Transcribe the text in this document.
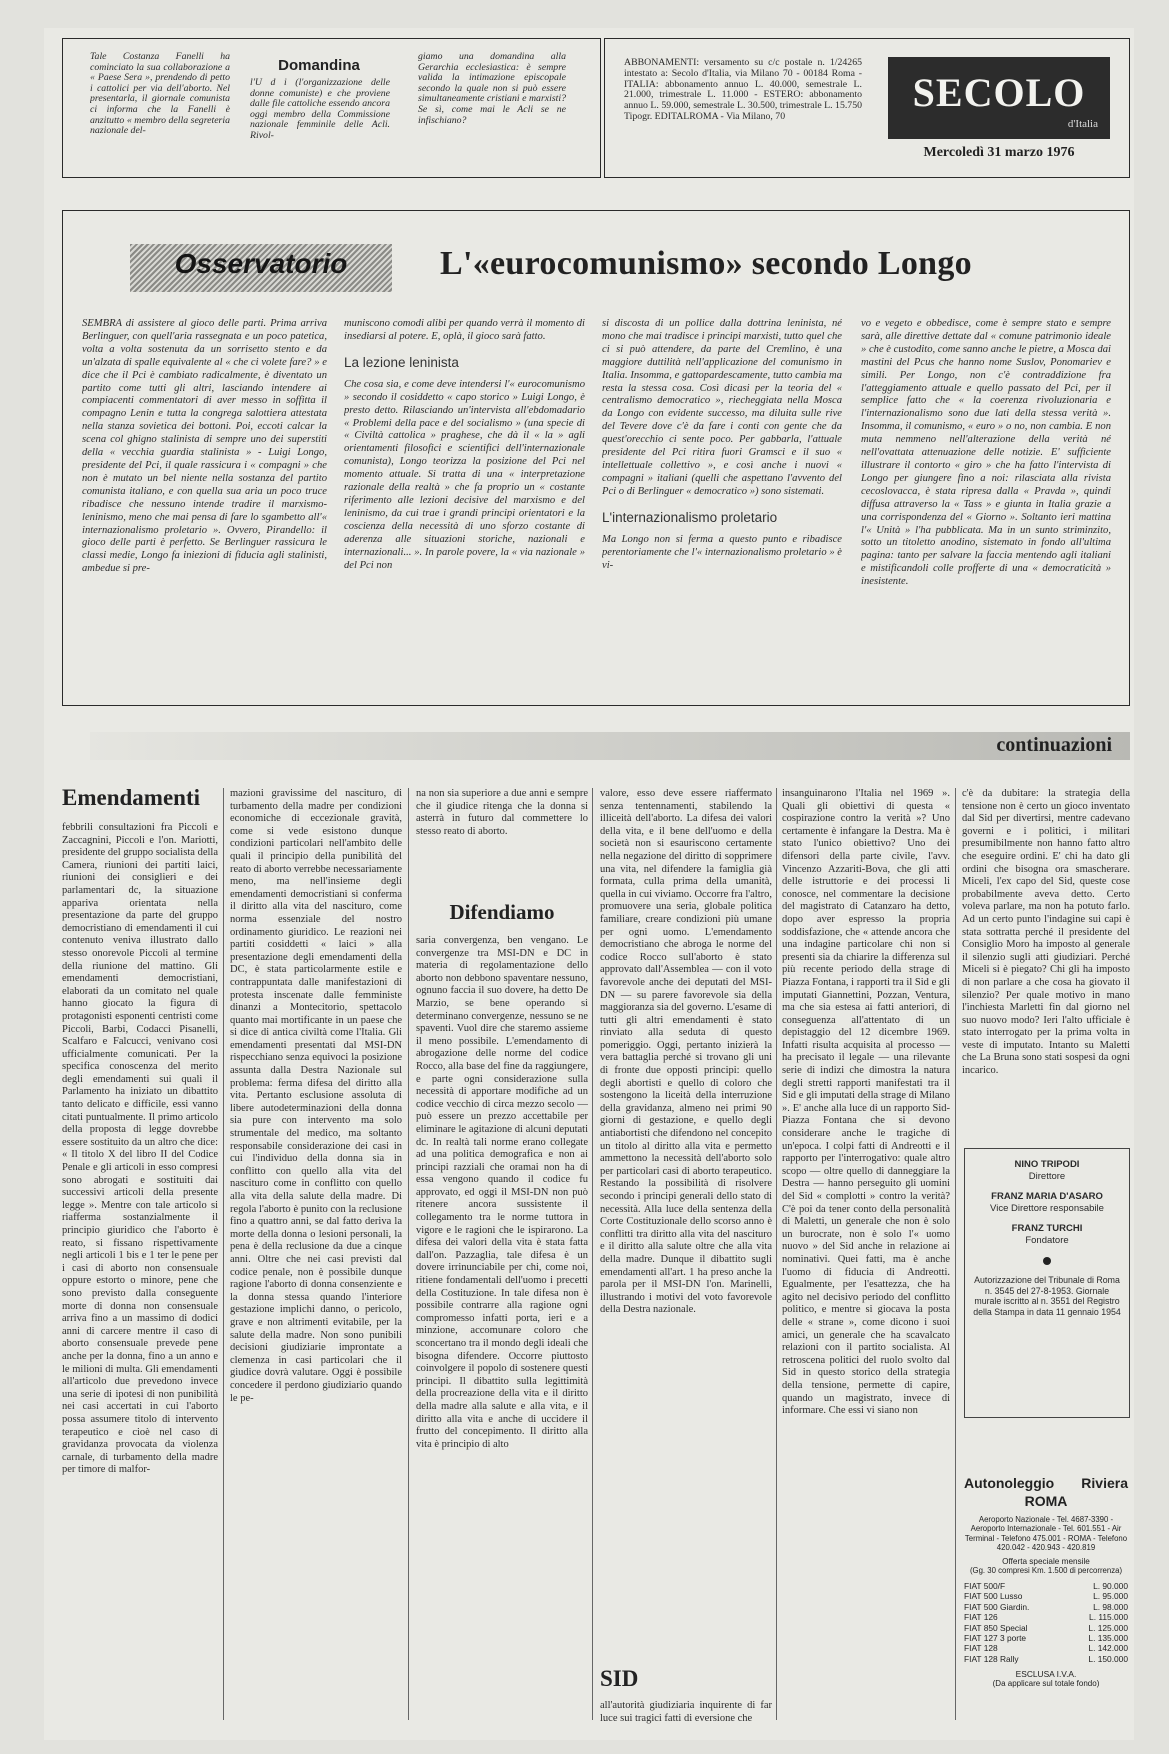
Tale Costanza Fanelli ha cominciato la sua collaborazione a « Paese Sera », prendendo di petto i cattolici per via dell'aborto. Nel presentarla, il giornale comunista ci informa che la Fanelli è anzitutto « membro della segreteria nazionale del-
Domandina
l'U d i (l'organizzazione delle donne comuniste) e che proviene dalle file cattoliche essendo ancora oggi membro della Commissione nazionale femminile delle Acli. Rivol-
giamo una domandina alla Gerarchia ecclesiastica: è sempre valida la intimazione episcopale secondo la quale non si può essere simultaneamente cristiani e marxisti? Se sì, come mai le Acli se ne infischiano?
ABBONAMENTI: versamento su c/c postale n. 1/24265 intestato a: Secolo d'Italia, via Milano 70 - 00184 Roma - ITALIA: abbonamento annuo L. 40.000, semestrale L. 21.000, trimestrale L. 11.000 - ESTERO: abbonamento annuo L. 59.000, semestrale L. 30.500, trimestrale L. 15.750 Tipogr. EDITALROMA - Via Milano, 70
SECOLO
d'Italia
Mercoledì 31 marzo 1976
Osservatorio	L'«eurocomunismo» secondo Longo
SEMBRA di assistere al gioco delle parti. Prima arriva Berlinguer, con quell'aria rassegnata e un poco patetica, volta a volta sostenuta da un sorrisetto stento e da un'alzata di spalle equivalente al « che ci volete fare? » e dice che il Pci è cambiato radicalmente, è diventato un partito come tutti gli altri, lasciando intendere ai compiacenti commentatori di aver messo in soffitta il compagno Lenin e tutta la congrega salottiera attestata nella stanza sovietica dei bottoni. Poi, eccoti calcar la scena col ghigno stalinista di sempre uno dei superstiti della « vecchia guardia stalinista » - Luigi Longo, presidente del Pci, il quale rassicura i « compagni » che non è mutato un bel niente nella sostanza del partito comunista italiano, e con quella sua aria un poco truce ribadisce che nessuno intende tradire il marxismo-leninismo, meno che mai pensa di fare lo sgambetto all'« internazionalismo proletario ». Ovvero, Pirandello: il gioco delle parti è perfetto. Se Berlinguer rassicura le classi medie, Longo fa iniezioni di fiducia agli stalinisti, ambedue si pre-
muniscono comodi alibi per quando verrà il momento di insediarsi al potere. E, oplà, il gioco sarà fatto.
La lezione leninista
Che cosa sia, e come deve intendersi l'« eurocomunismo » secondo il cosiddetto « capo storico » Luigi Longo, è presto detto. Rilasciando un'intervista all'ebdomadario « Problemi della pace e del socialismo » (una specie di « Civiltà cattolica » praghese, che dà il « la » agli orientamenti filosofici e scientifici dell'internazionale comunista), Longo teorizza la posizione del Pci nel momento attuale. Si tratta di una « interpretazione razionale della realtà » che fa proprio un « costante riferimento alle lezioni decisive del marxismo e del leninismo, da cui trae i grandi principi orientatori e la coscienza della necessità di uno sforzo costante di aderenza alle situazioni storiche, nazionali e internazionali... ». In parole povere, la « via nazionale » del Pci non
si discosta di un pollice dalla dottrina leninista, né mono che mai tradisce i principi marxisti, tutto quel che ci si può attendere, da parte del Cremlino, è una maggiore duttilità nell'applicazione del comunismo in Italia. Insomma, e gattopardescamente, tutto cambia ma resta la stessa cosa. Così dicasi per la teoria del « centralismo democratico », riecheggiata nella Mosca da Longo con evidente successo, ma diluita sulle rive del Tevere dove c'è da fare i conti con gente che da quest'orecchio ci sente poco. Per gabbarla, l'attuale presidente del Pci ritira fuori Gramsci e il suo « intellettuale collettivo », e così anche i nuovi « compagni » italiani (quelli che aspettano l'avvento del Pci o di Berlinguer « democratico ») sono sistemati.
L'internazionalismo proletario
Ma Longo non si ferma a questo punto e ribadisce perentoriamente che l'« internazionalismo proletario » è vi-
vo e vegeto e obbedisce, come è sempre stato e sempre sarà, alle direttive dettate dal « comune patrimonio ideale » che è custodito, come sanno anche le pietre, a Mosca dai mastini del Pcus che hanno nome Suslov, Ponomariev e simili. Per Longo, non c'è contraddizione fra l'atteggiamento attuale e quello passato del Pci, per il semplice fatto che « la coerenza rivoluzionaria e l'internazionalismo sono due lati della stessa verità ». Insomma, il comunismo, « euro » o no, non cambia. E non muta nemmeno nell'alterazione della verità né nell'ovattata attenuazione delle notizie. E' sufficiente illustrare il contorto « giro » che ha fatto l'intervista di Longo per giungere fino a noi: rilasciata alla rivista cecoslovacca, è stata ripresa dalla « Pravda », quindi diffusa attraverso la « Tass » e giunta in Italia grazie a una corrispondenza del « Giorno ». Soltanto ieri mattina l'« Unità » l'ha pubblicata. Ma in un sunto striminzito, sotto un titoletto anodino, sistemato in fondo all'ultima pagina: tanto per salvare la faccia mentendo agli italiani e mistificandoli colle profferte di una « democraticità » inesistente.
continuazioni
Emendamenti
febbrili consultazioni fra Piccoli e Zaccagnini, Piccoli e l'on. Mariotti, presidente del gruppo socialista della Camera, riunioni dei partiti laici, riunioni dei consiglieri e dei parlamentari dc, la situazione appariva orientata nella presentazione da parte del gruppo democristiano di emendamenti il cui contenuto veniva illustrato dallo stesso onorevole Piccoli al termine della riunione del mattino. Gli emendamenti democristiani, elaborati da un comitato nel quale hanno giocato la figura di protagonisti esponenti centristi come Piccoli, Barbi, Codacci Pisanelli, Scalfaro e Falcucci, venivano così ufficialmente comunicati. Per la specifica conoscenza del merito degli emendamenti sui quali il Parlamento ha iniziato un dibattito tanto delicato e difficile, essi vanno citati puntualmente. Il primo articolo della proposta di legge dovrebbe essere sostituito da un altro che dice: « Il titolo X del libro II del Codice Penale e gli articoli in esso compresi sono abrogati e sostituiti dai successivi articoli della presente legge ». Mentre con tale articolo si riafferma sostanzialmente il principio giuridico che l'aborto è reato, si fissano rispettivamente negli articoli 1 bis e 1 ter le pene per i casi di aborto non consensuale oppure estorto o minore, pene che sono previsto dalla conseguente morte di donna non consensuale arriva fino a un massimo di dodici anni di carcere mentre il caso di aborto consensuale prevede pene anche per la donna, fino a un anno e le milioni di multa. Gli emendamenti all'articolo due prevedono invece una serie di ipotesi di non punibilità nei casi accertati in cui l'aborto possa assumere titolo di intervento terapeutico e cioè nel caso di gravidanza provocata da violenza carnale, di turbamento della madre per timore di malfor-
mazioni gravissime del nascituro, di turbamento della madre per condizioni economiche di eccezionale gravità, come si vede esistono dunque condizioni particolari nell'ambito delle quali il principio della punibilità del reato di aborto verrebbe necessariamente meno, ma nell'insieme degli emendamenti democristiani si conferma il diritto alla vita del nascituro, come norma essenziale del nostro ordinamento giuridico. Le reazioni nei partiti cosiddetti « laici » alla presentazione degli emendamenti della DC, è stata particolarmente estile e contrappuntata dalle manifestazioni di protesta inscenate dalle femministe dinanzi a Montecitorio, spettacolo quanto mai mortificante in un paese che si dice di antica civiltà come l'Italia. Gli emendamenti presentati dal MSI-DN rispecchiano senza equivoci la posizione assunta dalla Destra Nazionale sul problema: ferma difesa del diritto alla vita. Pertanto esclusione assoluta di libere autodeterminazioni della donna sia pure con intervento ma solo strumentale del medico, ma soltanto responsabile considerazione dei casi in cui l'individuo della donna sia in conflitto con quello alla vita del nascituro come in conflitto con quello alla vita della salute della madre. Di regola l'aborto è punito con la reclusione fino a quattro anni, se dal fatto deriva la morte della donna o lesioni personali, la pena è della reclusione da due a cinque anni. Oltre che nei casi previsti dal codice penale, non è possibile dunque ragione l'aborto di donna consenziente e la donna stessa quando l'interiore gestazione implichi danno, o pericolo, grave e non altrimenti evitabile, per la salute della madre. Non sono punibili decisioni giudiziarie improntate a clemenza in casi particolari che il giudice dovrà valutare. Oggi è possibile concedere il perdono giudiziario quando le pe-
na non sia superiore a due anni e sempre che il giudice ritenga che la donna si asterrà in futuro dal commettere lo stesso reato di aborto.
Difendiamo
saria convergenza, ben vengano. Le convergenze tra MSI-DN e DC in materia di regolamentazione dello aborto non debbono spaventare nessuno, ognuno faccia il suo dovere, ha detto De Marzio, se bene operando si determinano convergenze, nessuno se ne spaventi. Vuol dire che staremo assieme il meno possibile. L'emendamento di abrogazione delle norme del codice Rocco, alla base del fine da raggiungere, e parte ogni considerazione sulla necessità di apportare modifiche ad un codice vecchio di circa mezzo secolo — può essere un prezzo accettabile per eliminare le agitazione di alcuni deputati dc. In realtà tali norme erano collegate ad una politica demografica e non ai principi razziali che oramai non ha di essa vengono quando il codice fu approvato, ed oggi il MSI-DN non può ritenere ancora sussistente il collegamento tra le norme tuttora in vigore e le ragioni che le ispirarono. La difesa dei valori della vita è stata fatta dall'on. Pazzaglia, tale difesa è un dovere irrinunciabile per chi, come noi, ritiene fondamentali dell'uomo i precetti della Costituzione. In tale difesa non è possibile contrarre alla ragione ogni compromesso infatti porta, ieri e a minzione, accomunare coloro che sconcertano tra il mondo degli ideali che bisogna difendere. Occorre piuttosto coinvolgere il popolo di sostenere questi principi. Il dibattito sulla legittimità della procreazione della vita e il diritto della madre alla salute e alla vita, e il diritto alla vita e anche di uccidere il frutto del concepimento. Il diritto alla vita è principio di alto
valore, esso deve essere riaffermato senza tentennamenti, stabilendo la illiceità dell'aborto. La difesa dei valori della vita, e il bene dell'uomo e della società non si esauriscono certamente nella negazione del diritto di sopprimere una vita, nel difendere la famiglia già formata, culla prima della umanità, quella in cui viviamo. Occorre fra l'altro, promuovere una seria, globale politica familiare, creare condizioni più umane per ogni uomo. L'emendamento democristiano che abroga le norme del codice Rocco sull'aborto è stato approvato dall'Assemblea — con il voto favorevole anche dei deputati del MSI-DN — su parere favorevole sia della maggioranza sia del governo. L'esame di tutti gli altri emendamenti è stato rinviato alla seduta di questo pomeriggio. Oggi, pertanto inizierà la vera battaglia perché si trovano gli uni di fronte due opposti principi: quello degli abortisti e quello di coloro che sostengono la liceità della interruzione della gravidanza, almeno nei primi 90 giorni di gestazione, e quello degli antiabortisti che difendono nel concepito un titolo al diritto alla vita e permetto ammettono la necessità dell'aborto solo per particolari casi di aborto terapeutico. Restando la possibilità di risolvere secondo i principi generali dello stato di necessità. Alla luce della sentenza della Corte Costituzionale dello scorso anno è conflitti tra diritto alla vita del nascituro e il diritto alla salute oltre che alla vita della madre. Dunque il dibattito sugli emendamenti all'art. 1 ha preso anche la parola per il MSI-DN l'on. Marinelli, illustrando i motivi del voto favorevole della Destra nazionale.
SID
all'autorità giudiziaria inquirente di far luce sui tragici fatti di eversione che
insanguinarono l'Italia nel 1969 ». Quali gli obiettivi di questa « cospirazione contro la verità »? Uno certamente è infangare la Destra. Ma è stato l'unico obiettivo? Uno dei difensori della parte civile, l'avv. Vincenzo Azzariti-Bova, che gli atti delle istruttorie e dei processi li conosce, nel commentare la decisione del magistrato di Catanzaro ha detto, dopo aver espresso la propria soddisfazione, che « attende ancora che una indagine particolare chi non si presenti sia da chiarire la differenza sul più recente periodo della strage di Piazza Fontana, i rapporti tra il Sid e gli imputati Giannettini, Pozzan, Ventura, ma che sia estesa ai fatti anteriori, di conseguenza all'attentato di un depistaggio del 12 dicembre 1969. Infatti risulta acquisita al processo — ha precisato il legale — una rilevante serie di indizi che dimostra la natura degli stretti rapporti manifestati tra il Sid e gli imputati della strage di Milano ». E' anche alla luce di un rapporto Sid-Piazza Fontana che si devono considerare anche le tragiche di un'epoca. I colpi fatti di Andreotti e il rapporto per l'interrogativo: quale altro scopo — oltre quello di danneggiare la Destra — hanno perseguito gli uomini del Sid « complotti » contro la verità? C'è poi da tener conto della personalità di Maletti, un generale che non è solo un burocrate, non è solo l'« uomo nuovo » del Sid anche in relazione ai nominativi. Quei fatti, ma è anche l'uomo di fiducia di Andreotti. Egualmente, per l'esattezza, che ha agito nel decisivo periodo del conflitto politico, e mentre si giocava la posta delle « strane », come dicono i suoi amici, un generale che ha scavalcato relazioni con il partito socialista. Al retroscena politici del ruolo svolto dal Sid in questo storico della strategia della tensione, permette di capire, quando un magistrato, invece di informare. Che essi vi siano non
c'è da dubitare: la strategia della tensione non è certo un gioco inventato dal Sid per divertirsi, mentre cadevano governi e i politici, i militari presumibilmente non hanno fatto altro che eseguire ordini. E' chi ha dato gli ordini che bisogna ora smascherare. Miceli, l'ex capo del Sid, queste cose probabilmente aveva detto. Certo voleva parlare, ma non ha potuto farlo. Ad un certo punto l'indagine sui capi è stata sottratta perché il presidente del Consiglio Moro ha imposto al generale il silenzio sugli atti giudiziari. Perché Miceli si è piegato? Chi gli ha imposto di non parlare a che cosa ha giovato il silenzio? Per quale motivo in mano l'inchiesta Marletti fin dal giorno nel suo nuovo modo? Ieri l'alto ufficiale è stato interrogato per la prima volta in veste di imputato. Intanto su Maletti che La Bruna sono stati sospesi da ogni incarico.
NINO TRIPODI
Direttore
FRANZ MARIA D'ASARO
Vice Direttore responsabile
FRANZ TURCHI
Fondatore
Autorizzazione del Tribunale di Roma n. 3545 del 27-8-1953. Giornale murale iscritto al n. 3551 del Registro della Stampa in data 11 gennaio 1954
Autonoleggio Riviera
ROMA
Aeroporto Nazionale - Tel. 4687-3390 - Aeroporto Internazionale - Tel. 601.551 - Air Terminal - Telefono 475.001 - ROMA - Telefono 420.042 - 420.943 - 420.819
Offerta speciale mensile
(Gg. 30 compresi Km. 1.500 di percorrenza)
FIAT 500/F	L. 90.000
FIAT 500 Lusso	L. 95.000
FIAT 500 Giardin.	L. 98.000
FIAT 126	L. 115.000
FIAT 850 Special	L. 125.000
FIAT 127 3 porte	L. 135.000
FIAT 128	L. 142.000
FIAT 128 Rally	L. 150.000
ESCLUSA I.V.A.
(Da applicare sul totale fondo)
